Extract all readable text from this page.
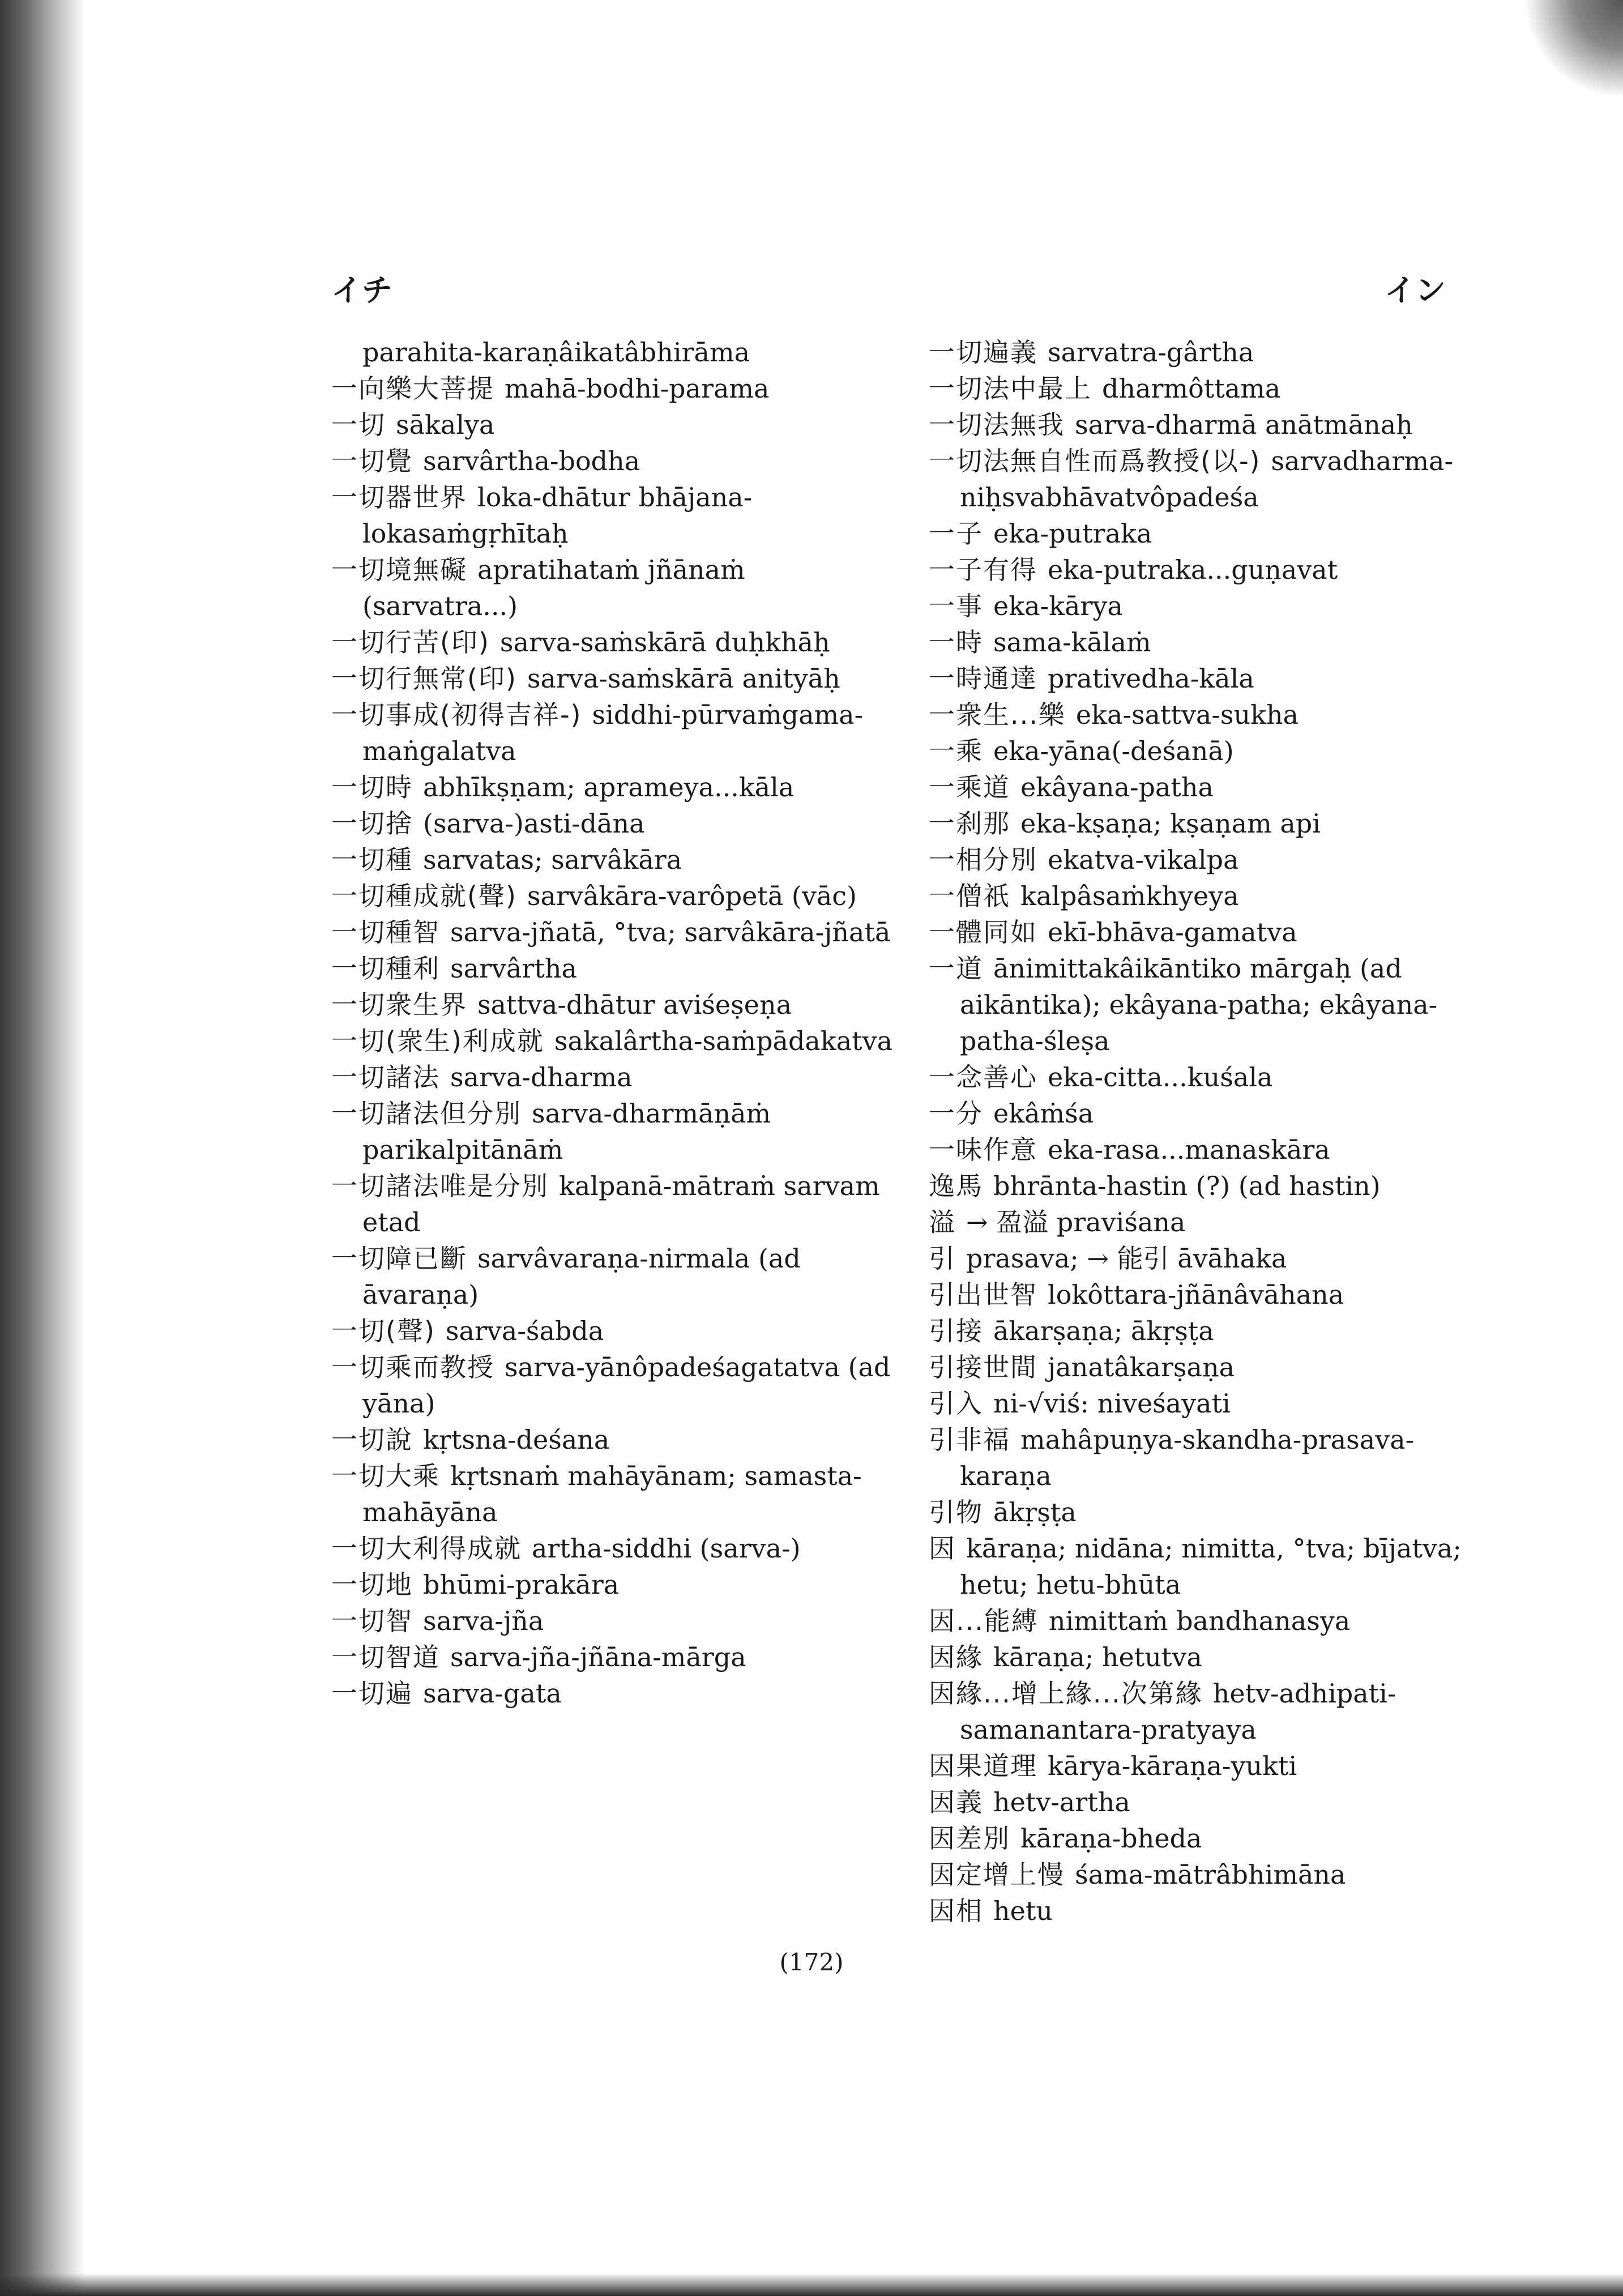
イチ	イン
parahita-karaṇâikatâbhirāma
一向樂大菩提 mahā-bodhi-parama
一切 sākalya
一切覺 sarvârtha-bodha
一切器世界 loka-dhātur bhājana-lokasaṁgṛhītaḥ
一切境無礙 apratihataṁ jñānaṁ (sarvatra...)
一切行苦(印) sarva-saṁskārā duḥkhāḥ
一切行無常(印) sarva-saṁskārā anityāḥ
一切事成(初得吉祥-) siddhi-pūrvaṁgama-maṅgalatva
一切時 abhīkṣṇam; aprameya...kāla
一切捨 (sarva-)asti-dāna
一切種 sarvatas; sarvâkāra
一切種成就(聲) sarvâkāra-varôpetā (vāc)
一切種智 sarva-jñatā, °tva; sarvâkāra-jñatā
一切種利 sarvârtha
一切衆生界 sattva-dhātur aviśeṣeṇa
一切(衆生)利成就 sakalârtha-saṁpādakatva
一切諸法 sarva-dharma
一切諸法但分別 sarva-dharmāṇāṁ parikalpitānāṁ
一切諸法唯是分別 kalpanā-mātraṁ sarvam etad
一切障已斷 sarvâvaraṇa-nirmala (ad āvaraṇa)
一切(聲) sarva-śabda
一切乘而教授 sarva-yānôpadeśagatatva (ad yāna)
一切說 kṛtsna-deśana
一切大乘 kṛtsnaṁ mahāyānam; samasta-mahāyāna
一切大利得成就 artha-siddhi (sarva-)
一切地 bhūmi-prakāra
一切智 sarva-jña
一切智道 sarva-jña-jñāna-mārga
一切遍 sarva-gata
一切遍義 sarvatra-gârtha
一切法中最上 dharmôttama
一切法無我 sarva-dharmā anātmānaḥ
一切法無自性而爲教授(以-) sarvadharma-niḥsvabhāvatvôpadeśa
一子 eka-putraka
一子有得 eka-putraka...guṇavat
一事 eka-kārya
一時 sama-kālaṁ
一時通達 prativedha-kāla
一衆生...樂 eka-sattva-sukha
一乘 eka-yāna(-deśanā)
一乘道 ekâyana-patha
一刹那 eka-kṣaṇa; kṣaṇam api
一相分別 ekatva-vikalpa
一僧祇 kalpâsaṁkhyeya
一體同如 ekī-bhāva-gamatva
一道 ānimittakâikāntiko mārgaḥ (ad aikāntika); ekâyana-patha; ekâyana-patha-śleṣa
一念善心 eka-citta...kuśala
一分 ekâṁśa
一味作意 eka-rasa...manaskāra
逸馬 bhrānta-hastin (?) (ad hastin)
溢 → 盈溢 praviśana
引 prasava; → 能引 āvāhaka
引出世智 lokôttara-jñānâvāhana
引接 ākarṣaṇa; ākṛṣṭa
引接世間 janatâkarṣaṇa
引入 ni-√viś: niveśayati
引非福 mahâpuṇya-skandha-prasava-karaṇa
引物 ākṛṣṭa
因 kāraṇa; nidāna; nimitta, °tva; bījatva; hetu; hetu-bhūta
因...能縛 nimittaṁ bandhanasya
因緣 kāraṇa; hetutva
因緣...增上緣...次第緣 hetv-adhipati-samanantara-pratyaya
因果道理 kārya-kāraṇa-yukti
因義 hetv-artha
因差別 kāraṇa-bheda
因定增上慢 śama-mātrâbhimāna
因相 hetu
(172)
